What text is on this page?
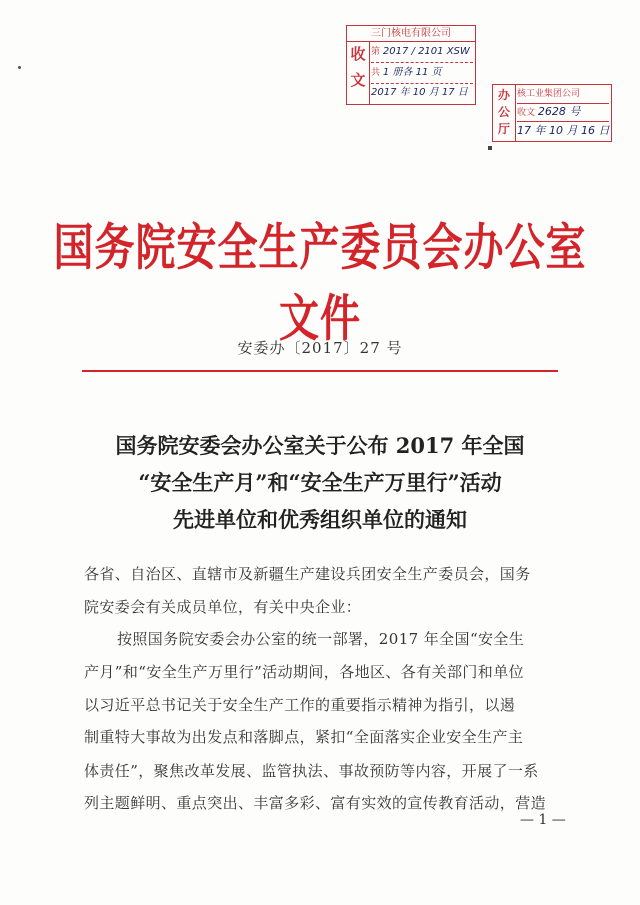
三门核电有限公司
收文
第 2017 / 2101 XSW
共 1 册各 11 页
2017 年 10 月 17 日	办公厅
核工业集团公司
收文 2628 号
17 年 10 月 16 日
国务院安全生产委员会办公室文件
安委办〔2017〕27 号
国务院安委会办公室关于公布 2017 年全国
“安全生产月”和“安全生产万里行”活动
先进单位和优秀组织单位的通知
各省、自治区、直辖市及新疆生产建设兵团安全生产委员会，国务
院安委会有关成员单位，有关中央企业：
按照国务院安委会办公室的统一部署，2017 年全国“安全生
产月”和“安全生产万里行”活动期间，各地区、各有关部门和单位
以习近平总书记关于安全生产工作的重要指示精神为指引，以遏
制重特大事故为出发点和落脚点，紧扣“全面落实企业安全生产主
体责任”，聚焦改革发展、监管执法、事故预防等内容，开展了一系
列主题鲜明、重点突出、丰富多彩、富有实效的宣传教育活动，营造
— 1 —
